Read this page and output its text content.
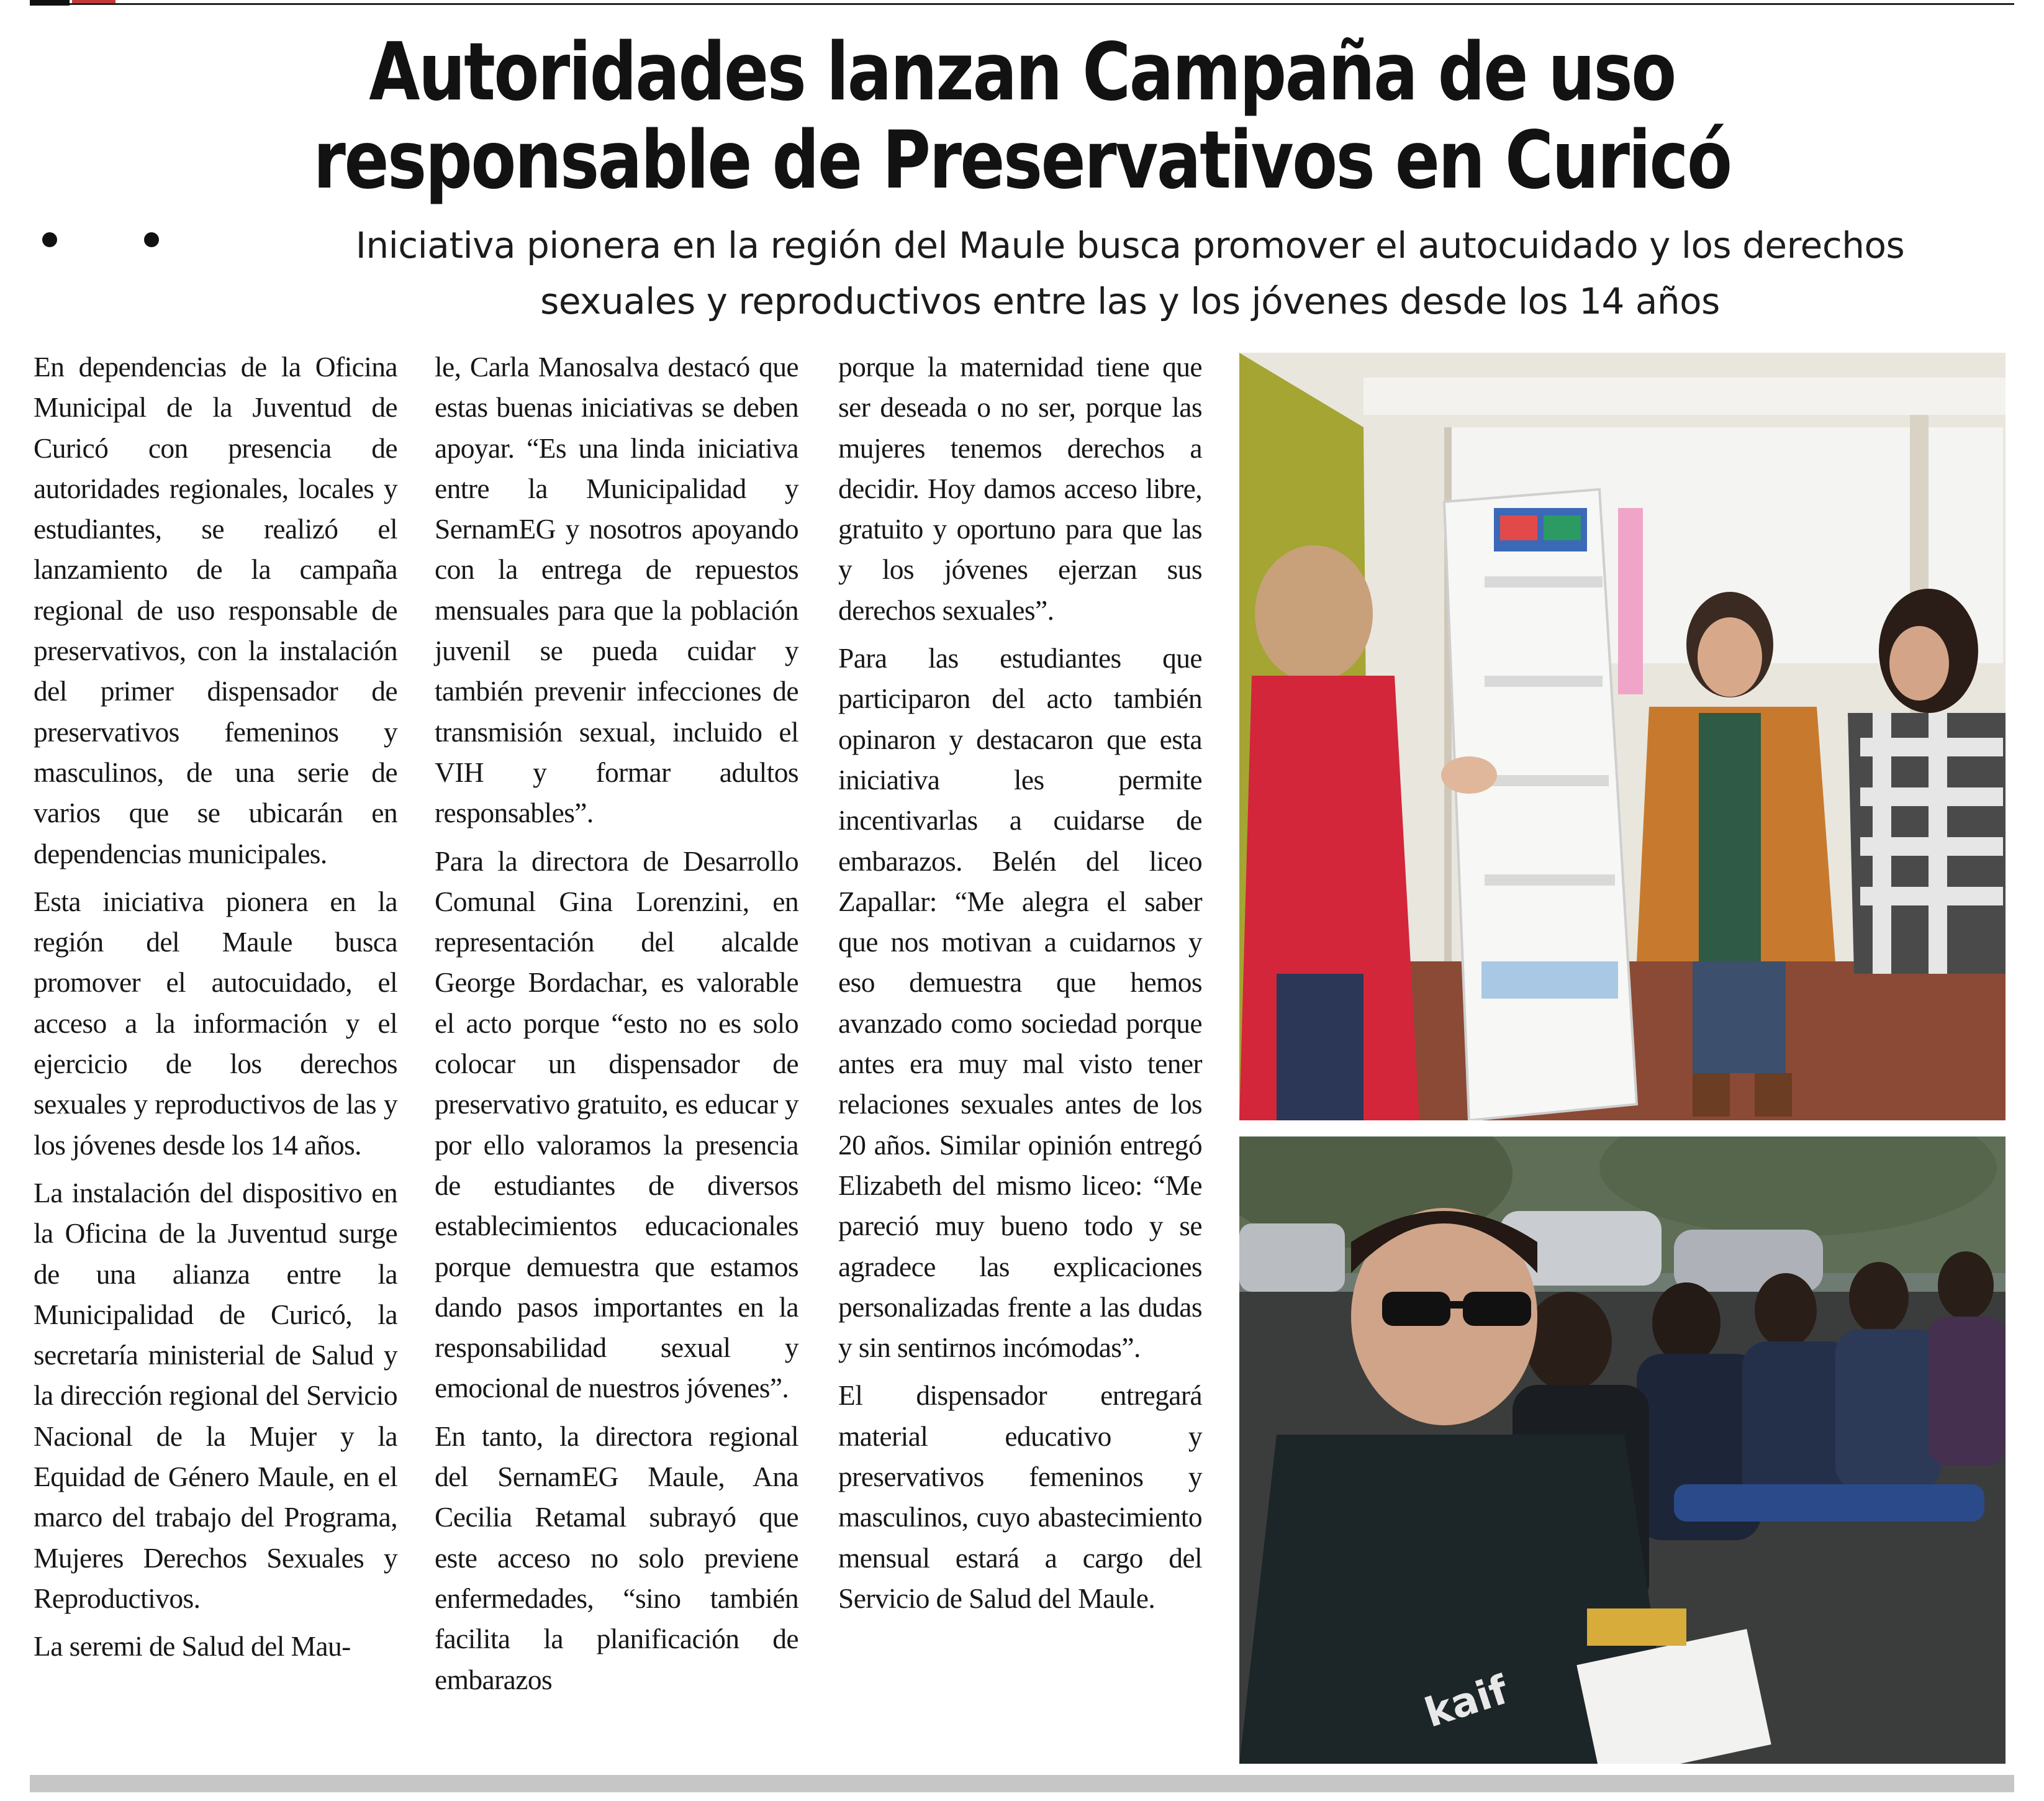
Autoridades lanzan Campaña de uso responsable de Preservativos en Curicó
Iniciativa pionera en la región del Maule busca promover el autocuidado y los derechos sexuales y reproductivos entre las y los jóvenes desde los 14 años

En dependencias de la Oficina Municipal de la Juventud de Curicó con presencia de autoridades regionales, locales y estudiantes, se realizó el lanzamiento de la campaña regional de uso responsable de preservativos, con la instalación del primer dispensador de preservativos femeninos y masculinos, de una serie de varios que se ubicarán en dependencias municipales.

Esta iniciativa pionera en la región del Maule busca promover el autocuidado, el acceso a la información y el ejercicio de los derechos sexuales y reproductivos de las y los jóvenes desde los 14 años.

La instalación del dispositivo en la Oficina de la Juventud surge de una alianza entre la Municipalidad de Curicó, la secretaría ministerial de Salud y la dirección regional del Servicio Nacional de la Mujer y la Equidad de Género Maule, en el marco del trabajo del Programa, Mujeres Derechos Sexuales y Reproductivos.

La seremi de Salud del Mau-

le, Carla Manosalva destacó que estas buenas iniciativas se deben apoyar. “Es una linda iniciativa entre la Municipalidad y SernamEG y nosotros apoyando con la entrega de repuestos mensuales para que la población juvenil se pueda cuidar y también prevenir infecciones de transmisión sexual, incluido el VIH y formar adultos responsables”.

Para la directora de Desarrollo Comunal Gina Lorenzini, en representación del alcalde George Bordachar, es valorable el acto porque “esto no es solo colocar un dispensador de preservativo gratuito, es educar y por ello valoramos la presencia de estudiantes de diversos establecimientos educacionales porque demuestra que estamos dando pasos importantes en la responsabilidad sexual y emocional de nuestros jóvenes”.

En tanto, la directora regional del SernamEG Maule, Ana Cecilia Retamal subrayó que este acceso no solo previene enfermedades, “sino también facilita la planificación de embarazos

porque la maternidad tiene que ser deseada o no ser, porque las mujeres tenemos derechos a decidir. Hoy damos acceso libre, gratuito y oportuno para que las y los jóvenes ejerzan sus derechos sexuales”.

Para las estudiantes que participaron del acto también opinaron y destacaron que esta iniciativa les permite incentivarlas a cuidarse de embarazos. Belén del liceo Zapallar: “Me alegra el saber que nos motivan a cuidarnos y eso demuestra que hemos avanzado como sociedad porque antes era muy mal visto tener relaciones sexuales antes de los 20 años. Similar opinión entregó Elizabeth del mismo liceo: “Me pareció muy bueno todo y se agradece las explicaciones personalizadas frente a las dudas y sin sentirnos incómodas”.

El dispensador entregará material educativo y preservativos femeninos y masculinos, cuyo abastecimiento mensual estará a cargo del Servicio de Salud del Maule.

kaif
